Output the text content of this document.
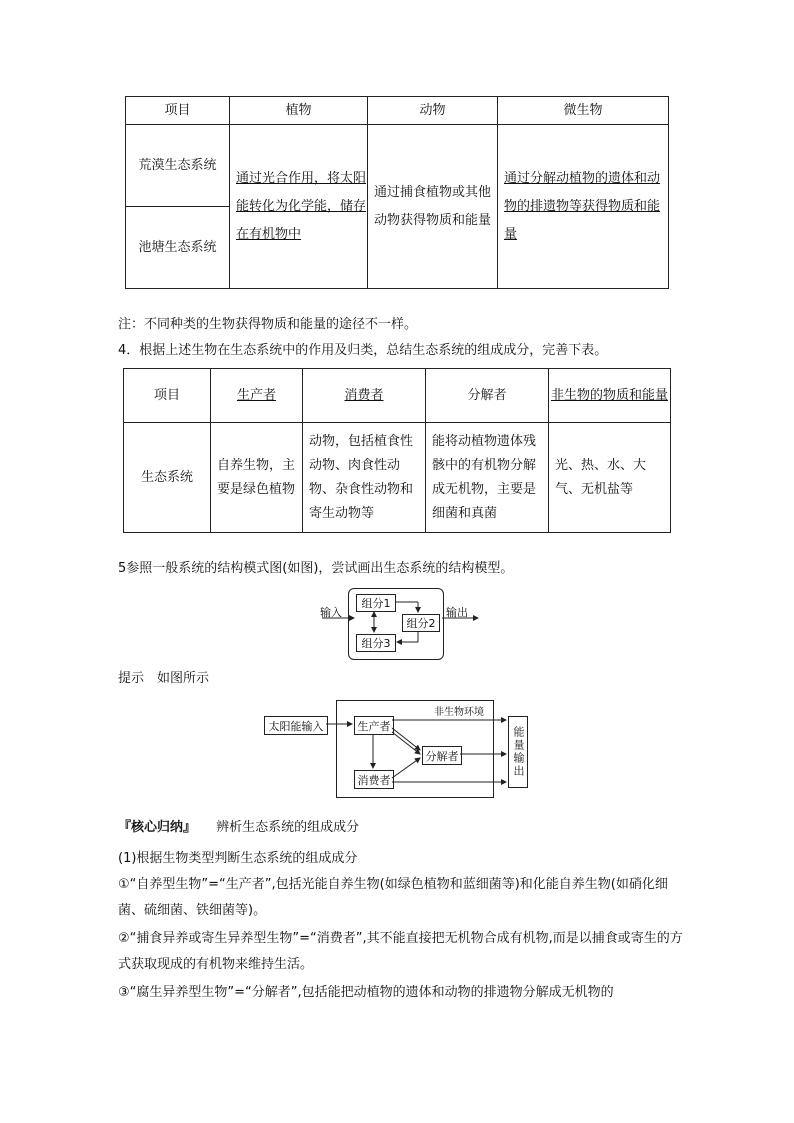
项目	植物	动物	微生物
荒漠生态系统	通过光合作用，将太阳能转化为化学能，储存在有机物中	通过捕食植物或其他动物获得物质和能量	通过分解动植物的遗体和动物的排遗物等获得物质和能量
池塘生态系统			

注：不同种类的生物获得物质和能量的途径不一样。

4．根据上述生物在生态系统中的作用及归类，总结生态系统的组成成分，完善下表。

项目	生产者	消费者	分解者	非生物的物质和能量
生态系统	自养生物，主要是绿色植物	动物，包括植食性动物、肉食性动物、杂食性动物和寄生动物等	能将动植物遗体残骸中的有机物分解成无机物，主要是细菌和真菌	光、热、水、大气、无机盐等

5参照一般系统的结构模式图(如图)，尝试画出生态系统的结构模型。

输入	输出
组分1
组分2
组分3

提示　如图所示

非生物环境
太阳能输入	生产者
分解者
消费者
能量输出
『核心归纳』 辨析生态系统的组成成分

(1)根据生物类型判断生态系统的组成成分

①“自养型生物”=“生产者”,包括光能自养生物(如绿色植物和蓝细菌等)和化能自养生物(如硝化细菌、硫细菌、铁细菌等)。

②“捕食异养或寄生异养型生物”=“消费者”,其不能直接把无机物合成有机物,而是以捕食或寄生的方式获取现成的有机物来维持生活。

③“腐生异养型生物”=“分解者”,包括能把动植物的遗体和动物的排遗物分解成无机物的
